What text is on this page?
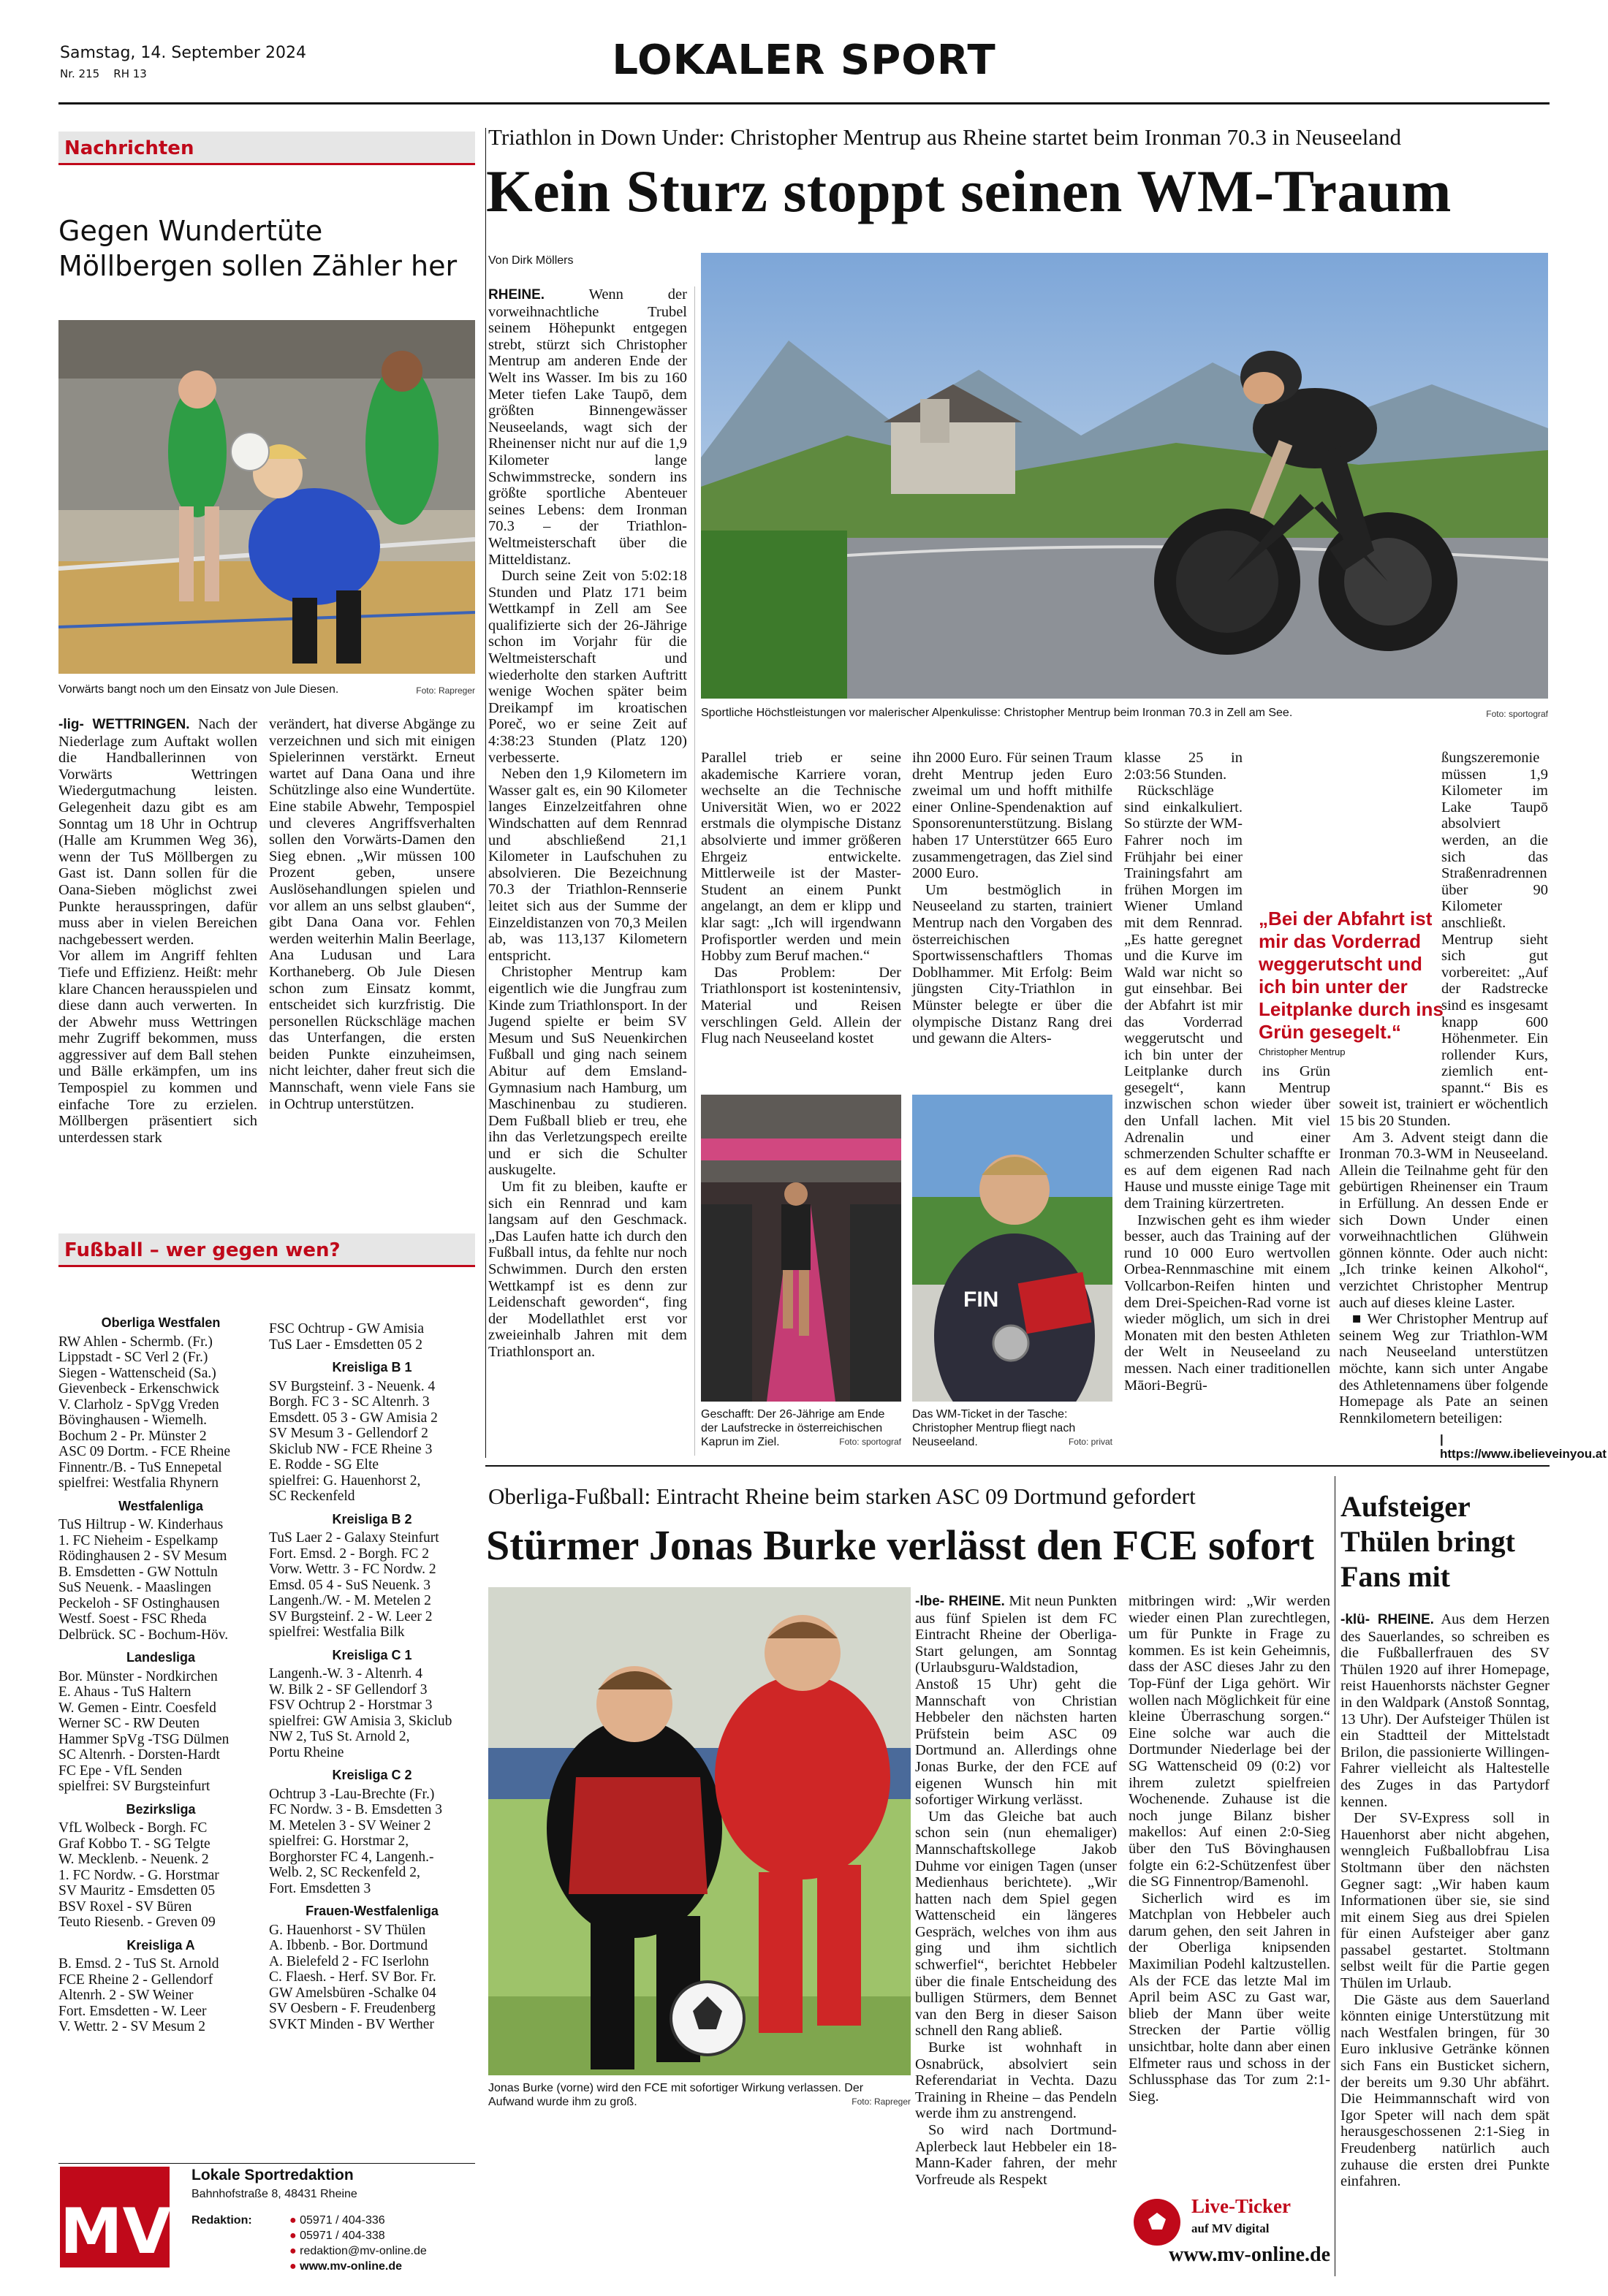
Samstag, 14. September 2024
Nr. 215 RH 13	LOKALER SPORT
Nachrichten
Gegen Wundertüte
Möllbergen sollen Zähler her
Vorwärts bangt noch um den Einsatz von Jule Diesen.	Foto: Rapreger

-lig- WETTRINGEN. Nach der Niederlage zum Auftakt wollen die Handballerinnen von Vorwärts Wettringen Wiedergutmachung leisten. Gelegenheit dazu gibt es am Sonntag um 18 Uhr in Ochtrup (Halle am Krummen Weg 36), wenn der TuS Möllbergen zu Gast ist. Dann sollen für die Oana-Sieben möglichst zwei Punkte herausspringen, dafür muss aber in vielen Bereichen nachgebessert werden.

Vor allem im Angriff fehlten Tiefe und Effizienz. Heißt: mehr klare Chancen herausspielen und diese dann auch verwerten. In der Abwehr muss Wettringen mehr Zugriff bekommen, muss aggressiver auf dem Ball stehen und Bälle erkämpfen, um ins Tempospiel zu kommen und einfache Tore zu erzielen. Möllbergen präsentiert sich unterdessen stark

verändert, hat diverse Abgänge zu verzeichnen und sich mit einigen Spielerinnen verstärkt. Erneut wartet auf Dana Oana und ihre Schützlinge also eine Wundertüte. Eine stabile Abwehr, Tempospiel und cleveres Angriffsverhalten sollen den Vorwärts-Damen den Sieg ebnen. „Wir müssen 100 Prozent geben, unsere Auslösehandlungen spielen und vor allem an uns selbst glauben“, gibt Dana Oana vor. Fehlen werden weiterhin Malin Beerlage, Ana Ludusan und Lara Korthaneberg. Ob Jule Diesen schon zum Einsatz kommt, entscheidet sich kurzfristig. Die personellen Rückschläge machen das Unterfangen, die ersten beiden Punkte einzuheimsen, nicht leichter, daher freut sich die Mannschaft, wenn viele Fans sie in Ochtrup unterstützen.

Fußball – wer gegen wen?
Oberliga Westfalen

RW Ahlen - Schermb. (Fr.)

Lippstadt - SC Verl 2 (Fr.)

Siegen - Wattenscheid (Sa.)

Gievenbeck - Erkenschwick

V. Clarholz - SpVgg Vreden

Bövinghausen - Wiemelh.

Bochum 2 - Pr. Münster 2

ASC 09 Dortm. - FCE Rheine

Finnentr./B. - TuS Ennepetal

spielfrei: Westfalia Rhynern

Westfalenliga

TuS Hiltrup - W. Kinderhaus

1. FC Nieheim - Espelkamp

Rödinghausen 2 - SV Mesum

B. Emsdetten - GW Nottuln

SuS Neuenk. - Maaslingen

Peckeloh - SF Ostinghausen

Westf. Soest - FSC Rheda

Delbrück. SC - Bochum-Höv.

Landesliga

Bor. Münster - Nordkirchen

E. Ahaus - TuS Haltern

W. Gemen - Eintr. Coesfeld

Werner SC - RW Deuten

Hammer SpVg -TSG Dülmen

SC Altenrh. - Dorsten-Hardt

FC Epe - VfL Senden

spielfrei: SV Burgsteinfurt

Bezirksliga

VfL Wolbeck - Borgh. FC

Graf Kobbo T. - SG Telgte

W. Mecklenb. - Neuenk. 2

1. FC Nordw. - G. Horstmar

SV Mauritz - Emsdetten 05

BSV Roxel - SV Büren

Teuto Riesenb. - Greven 09

Kreisliga A

B. Emsd. 2 - TuS St. Arnold

FCE Rheine 2 - Gellendorf

Altenrh. 2 - SW Weiner

Fort. Emsdetten - W. Leer

V. Wettr. 2 - SV Mesum 2

FSC Ochtrup - GW Amisia

TuS Laer - Emsdetten 05 2

Kreisliga B 1

SV Burgsteinf. 3 - Neuenk. 4

Borgh. FC 3 - SC Altenrh. 3

Emsdett. 05 3 - GW Amisia 2

SV Mesum 3 - Gellendorf 2

Skiclub NW - FCE Rheine 3

E. Rodde - SG Elte

spielfrei: G. Hauenhorst 2,

SC Reckenfeld

Kreisliga B 2

TuS Laer 2 - Galaxy Steinfurt

Fort. Emsd. 2 - Borgh. FC 2

Vorw. Wettr. 3 - FC Nordw. 2

Emsd. 05 4 - SuS Neuenk. 3

Langenh./W. - M. Metelen 2

SV Burgsteinf. 2 - W. Leer 2

spielfrei: Westfalia Bilk

Kreisliga C 1

Langenh.-W. 3 - Altenrh. 4

W. Bilk 2 - SF Gellendorf 3

FSV Ochtrup 2 - Horstmar 3

spielfrei: GW Amisia 3, Skiclub NW 2, TuS St. Arnold 2,

Portu Rheine

Kreisliga C 2

Ochtrup 3 -Lau-Brechte (Fr.)

FC Nordw. 3 - B. Emsdetten 3

M. Metelen 3 - SV Weiner 2

spielfrei: G. Horstmar 2,

Borghorster FC 4, Langenh.-

Welb. 2, SC Reckenfeld 2,

Fort. Emsdetten 3

Frauen-Westfalenliga

G. Hauenhorst - SV Thülen

A. Ibbenb. - Bor. Dortmund

A. Bielefeld 2 - FC Iserlohn

C. Flaesh. - Herf. SV Bor. Fr.

GW Amelsbüren -Schalke 04

SV Oesbern - F. Freudenberg

SVKT Minden - BV Werther

MV
Lokale Sportredaktion
Bahnhofstraße 8, 48431 Rheine
Redaktion:	● 05971 / 404-336
● 05971 / 404-338
● redaktion@mv-online.de
● www.mv-online.de
Triathlon in Down Under: Christopher Mentrup aus Rheine startet beim Ironman 70.3 in Neuseeland
Kein Sturz stoppt seinen WM-Traum
Von Dirk Möllers

RHEINE. Wenn der vorweihnachtliche Trubel seinem Höhepunkt entgegen strebt, stürzt sich Christopher Mentrup am anderen Ende der Welt ins Wasser. Im bis zu 160 Meter tiefen Lake Taupō, dem größten Binnengewässer Neuseelands, wagt sich der Rheinenser nicht nur auf die 1,9 Kilometer lange Schwimmstrecke, sondern ins größte sportliche Abenteuer seines Lebens: dem Ironman 70.3 – der Triathlon-Weltmeisterschaft über die Mitteldistanz.

Durch seine Zeit von 5:02:18 Stunden und Platz 171 beim Wettkampf in Zell am See qualifizierte sich der 26-Jährige schon im Vorjahr für die Weltmeisterschaft und wiederholte den starken Auftritt wenige Wochen später beim Dreikampf im kroatischen Poreč, wo er seine Zeit auf 4:38:23 Stunden (Platz 120) verbesserte.

Neben den 1,9 Kilometern im Wasser galt es, ein 90 Kilometer langes Einzelzeitfahren ohne Windschatten auf dem Rennrad und abschließend 21,1 Kilometer in Laufschuhen zu absolvieren. Die Bezeichnung 70.3 der Triathlon-Rennserie leitet sich aus der Summe der Einzeldistanzen von 70,3 Meilen ab, was 113,137 Kilometern entspricht.

Christopher Mentrup kam eigentlich wie die Jungfrau zum Kinde zum Triathlonsport. In der Jugend spielte er beim SV Mesum und SuS Neuenkirchen Fußball und ging nach seinem Abitur auf dem Emsland-Gymnasium nach Hamburg, um Maschinenbau zu studieren. Dem Fußball blieb er treu, ehe ihn das Verletzungspech ereilte und er sich die Schulter auskugelte.

Um fit zu bleiben, kaufte er sich ein Rennrad und kam langsam auf den Geschmack. „Das Laufen hatte ich durch den Fußball intus, da fehlte nur noch Schwimmen. Durch den ersten Wettkampf ist es denn zur Leidenschaft geworden“, fing der Modellathlet erst vor zweieinhalb Jahren mit dem Triathlonsport an.

Sportliche Höchstleistungen vor malerischer Alpenkulisse: Christopher Mentrup beim Ironman 70.3 in Zell am See.	Foto: sportograf

Parallel trieb er seine akademische Karriere voran, wechselte an die Technische Universität Wien, wo er 2022 erstmals die olympische Distanz absolvierte und immer größeren Ehrgeiz entwickelte. Mittlerweile ist der Master-Student an einem Punkt angelangt, an dem er klipp und klar sagt: „Ich will irgendwann Profisportler werden und mein Hobby zum Beruf machen.“

Das Problem: Der Triathlonsport ist kostenintensiv, Material und Reisen verschlingen Geld. Allein der Flug nach Neuseeland kostet

ihn 2000 Euro. Für seinen Traum dreht Mentrup jeden Euro zweimal um und hofft mithilfe einer Online-Spendenaktion auf Sponsorenunterstützung. Bislang haben 17 Unterstützer 665 Euro zusammengetragen, das Ziel sind 2000 Euro.

Um bestmöglich in Neuseeland zu starten, trainiert Mentrup nach den Vorgaben des österreichischen Sportwissenschaftlers Thomas Doblhammer. Mit Erfolg: Beim jüngsten City-Triathlon in Münster belegte er über die olympische Distanz Rang drei und gewann die Alters-

Geschafft: Der 26-Jährige am Ende der Laufstrecke in österreichischen Kaprun im Ziel.	Foto: sportograf
FIN
Das WM-Ticket in der Tasche: Christopher Mentrup fliegt nach Neuseeland.	Foto: privat

klasse 25 in 2:03:56 Stunden.

Rückschläge sind einkalkuliert. So stürzte der WM-Fahrer noch im Frühjahr bei einer Trainingsfahrt am frühen Morgen im Wiener Umland mit dem Rennrad. „Es hatte geregnet und die Kurve im Wald war nicht so gut einsehbar. Bei der Abfahrt ist mir das Vorderrad weggerutscht und ich bin unter der Leitplanke durch ins Grün gesegelt“, kann Mentrup inzwischen schon wieder über den Unfall lachen. Mit viel Adrenalin und einer schmerzenden Schulter schaffte er es auf dem eigenen Rad nach Hause und musste einige Tage mit dem Training kürzertreten.

Inzwischen geht es ihm wieder besser, auch das Training auf der rund 10 000 Euro wertvollen Orbea-Rennmaschine mit einem Vollcarbon-Reifen hinten und dem Drei-Speichen-Rad vorne ist wieder möglich, um sich in drei Monaten mit den besten Athleten der Welt in Neuseeland zu messen. Nach einer traditionellen Māori-Begrü-

„Bei der Abfahrt ist mir das Vorderrad weggerutscht und ich bin unter der Leitplanke durch ins Grün gesegelt.“
Christopher Mentrup

ßungszeremonie müssen 1,9 Kilometer im Lake Taupō absolviert werden, an die sich das Straßenradrennen über 90 Kilometer anschließt. Mentrup sieht sich gut vorbereitet: „Auf der Radstrecke sind es insgesamt knapp 600 Höhenmeter. Ein rollender Kurs, ziemlich ent-spannt.“ Bis es soweit ist, trainiert er wöchentlich 15 bis 20 Stunden.

Am 3. Advent steigt dann die Ironman 70.3-WM in Neuseeland. Allein die Teilnahme geht für den gebürtigen Rheinenser ein Traum in Erfüllung. An dessen Ende er sich Down Under einen vorweihnachtlichen Glühwein gönnen könnte. Oder auch nicht: „Ich trinke keinen Alkohol“, verzichtet Christopher Mentrup auch auf dieses kleine Laster.

■ Wer Christopher Mentrup auf seinem Weg zur Triathlon-WM nach Neuseeland unterstützen möchte, kann sich unter Angabe des Athletennamens über folgende Homepage als Pate an seinen Rennkilometern beteiligen:

| https://www.ibelieveinyou.at
Oberliga-Fußball: Eintracht Rheine beim starken ASC 09 Dortmund gefordert
Stürmer Jonas Burke verlässt den FCE sofort
Jonas Burke (vorne) wird den FCE mit sofortiger Wirkung verlassen. Der Aufwand wurde ihm zu groß.	Foto: Rapreger

-lbe- RHEINE. Mit neun Punkten aus fünf Spielen ist dem FC Eintracht Rheine der Oberliga-Start gelungen, am Sonntag (Urlaubsguru-Waldstadion, Anstoß 15 Uhr) geht die Mannschaft von Christian Hebbeler den nächsten harten Prüfstein beim ASC 09 Dortmund an. Allerdings ohne Jonas Burke, der den FCE auf eigenen Wunsch hin mit sofortiger Wirkung verlässt.

Um das Gleiche bat auch schon sein (nun ehemaliger) Mannschaftskollege Jakob Duhme vor einigen Tagen (unser Medienhaus berichtete). „Wir hatten nach dem Spiel gegen Wattenscheid ein längeres Gespräch, welches von ihm aus ging und ihm sichtlich schwerfiel“, berichtet Hebbeler über die finale Entscheidung des bulligen Stürmers, dem Bennet van den Berg in dieser Saison schnell den Rang abließ.

Burke ist wohnhaft in Osnabrück, absolviert sein Referendariat in Vechta. Dazu Training in Rheine – das Pendeln werde ihm zu anstrengend.

So wird nach Dortmund-Aplerbeck laut Hebbeler ein 18-Mann-Kader fahren, der mehr Vorfreude als Respekt

mitbringen wird: „Wir werden wieder einen Plan zurechtlegen, um für Punkte in Frage zu kommen. Es ist kein Geheimnis, dass der ASC dieses Jahr zu den Top-Fünf der Liga gehört. Wir wollen nach Möglichkeit für eine kleine Überraschung sorgen.“ Eine solche war auch die Dortmunder Niederlage bei der SG Wattenscheid 09 (0:2) vor ihrem zuletzt spielfreien Wochenende. Zuhause ist die noch junge Bilanz bisher makellos: Auf einen 2:0-Sieg über den TuS Bövinghausen folgte ein 6:2-Schützenfest über die SG Finnentrop/Bamenohl.

Sicherlich wird es im Matchplan von Hebbeler auch darum gehen, den seit Jahren in der Oberliga knipsenden Maximilian Podehl kaltzustellen. Als der FCE das letzte Mal im April beim ASC zu Gast war, blieb der Mann über weite Strecken der Partie völlig unsichtbar, holte dann aber einen Elfmeter raus und schoss in der Schlussphase das Tor zum 2:1-Sieg.

Live-Ticker
auf MV digital
www.mv-online.de
Aufsteiger
Thülen bringt
Fans mit

-klü- RHEINE. Aus dem Herzen des Sauerlandes, so schreiben es die Fußballerfrauen des SV Thülen 1920 auf ihrer Homepage, reist Hauenhorsts nächster Gegner in den Waldpark (Anstoß Sonntag, 13 Uhr). Der Aufsteiger Thülen ist ein Stadtteil der Mittelstadt Brilon, die passionierte Willingen-Fahrer vielleicht als Haltestelle des Zuges in das Partydorf kennen.

Der SV-Express soll in Hauenhorst aber nicht abgehen, wenngleich Fußballobfrau Lisa Stoltmann über den nächsten Gegner sagt: „Wir haben kaum Informationen über sie, sie sind mit einem Sieg aus drei Spielen für einen Aufsteiger aber ganz passabel gestartet. Stoltmann selbst weilt für die Partie gegen Thülen im Urlaub.

Die Gäste aus dem Sauerland könnten einige Unterstützung mit nach Westfalen bringen, für 30 Euro inklusive Getränke können sich Fans ein Busticket sichern, der bereits um 9.30 Uhr abfährt. Die Heimmannschaft wird von Igor Speter will nach dem spät herausgeschossenen 2:1-Sieg in Freudenberg natürlich auch zuhause die ersten drei Punkte einfahren.
